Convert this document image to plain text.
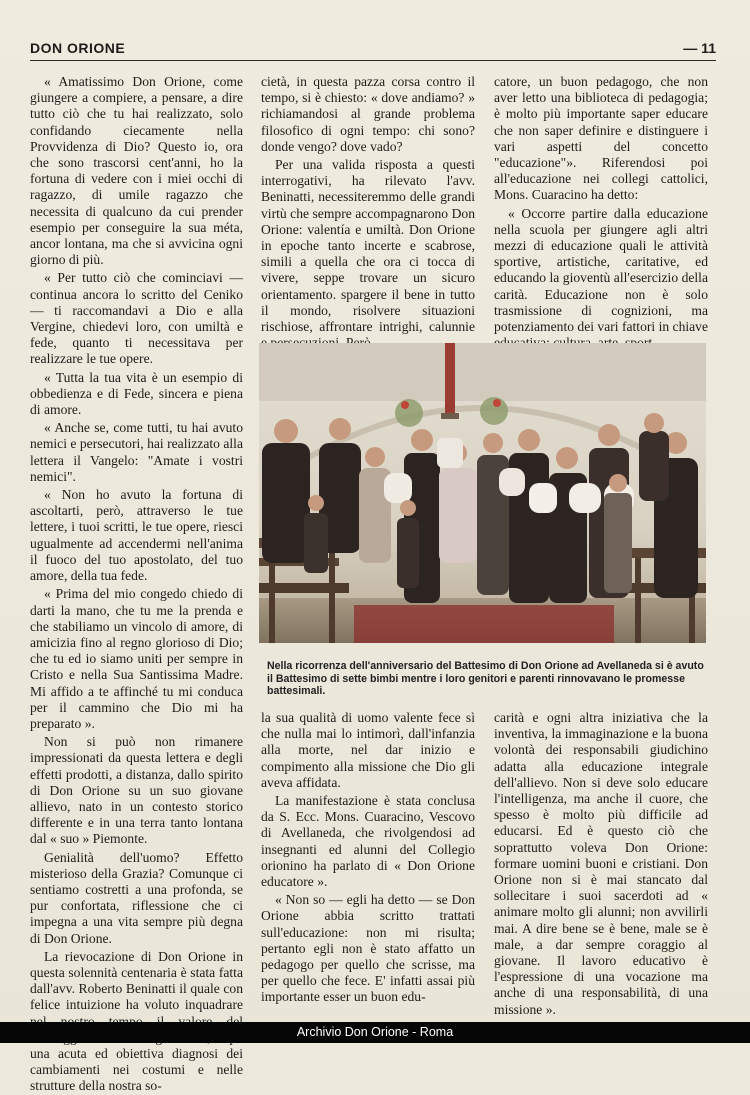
DON ORIONE	— 11

« Amatissimo Don Orione, come giungere a compiere, a pensare, a dire tutto ciò che tu hai realizzato, solo confidando ciecamente nella Provvidenza di Dio? Questo io, ora che sono trascorsi cent'anni, ho la fortuna di vedere con i miei occhi di ragazzo, di umile ragazzo che necessita di qualcuno da cui prender esempio per conseguire la sua méta, ancor lontana, ma che si avvicina ogni giorno di più.

« Per tutto ciò che cominciavi — continua ancora lo scritto del Ceniko — ti raccomandavi a Dio e alla Vergine, chiedevi loro, con umiltà e fede, quanto ti necessitava per realizzare le tue opere.

« Tutta la tua vita è un esempio di obbedienza e di Fede, sincera e piena di amore.

« Anche se, come tutti, tu hai avuto nemici e persecutori, hai realizzato alla lettera il Vangelo: "Amate i vostri nemici".

« Non ho avuto la fortuna di ascoltarti, però, attraverso le tue lettere, i tuoi scritti, le tue opere, riesci ugualmente ad accendermi nell'anima il fuoco del tuo apostolato, del tuo amore, della tua fede.

« Prima del mio congedo chiedo di darti la mano, che tu me la prenda e che stabiliamo un vincolo di amore, di amicizia fino al regno glorioso di Dio; che tu ed io siamo uniti per sempre in Cristo e nella Sua Santissima Madre. Mi affido a te affinché tu mi conduca per il cammino che Dio mi ha preparato ».

Non si può non rimanere impressionati da questa lettera e degli effetti prodotti, a distanza, dallo spirito di Don Orione su un suo giovane allievo, nato in un contesto storico differente e in una terra tanto lontana dal « suo » Piemonte.

Genialità dell'uomo? Effetto misterioso della Grazia? Comunque ci sentiamo costretti a una profonda, se pur confortata, riflessione che ci impegna a una vita sempre più degna di Don Orione.

La rievocazione di Don Orione in questa solennità centenaria è stata fatta dall'avv. Roberto Beninatti il quale con felice intuizione ha voluto inquadrare una acuta ed obiettiva diagnosi dei cambiamenti nei costumi e nelle strutture della nostra so-

cietà, in questa pazza corsa contro il tempo, si è chiesto: « dove andiamo? » richiamandosi al grande problema filosofico di ogni tempo: chi sono? donde vengo? dove vado?

Per una valida risposta a questi interrogativi, ha rilevato l'avv. Beninatti, necessiteremmo delle grandi virtù che sempre accompagnarono Don Orione: valentía e umiltà. Don Orione in epoche tanto incerte e scabrose, simili a quella che ora ci tocca di vivere, seppe trovare un sicuro orientamento. spargere il bene in tutto il mondo, risolvere situazioni rischiose, affrontare intrighi, calunnie

catore, un buon pedagogo, che non aver letto una biblioteca di pedagogia; è molto più importante saper educare che non saper definire e distinguere i vari aspetti del concetto "educazione"». Riferendosi poi all'educazione nei collegi cattolici, Mons. Cuaracino ha detto:

« Occorre partire dalla educazione nella scuola per giungere agli altri mezzi di educazione quali le attività sportive, artistiche, caritative, ed educando la gioventù all'esercizio della carità. Educazione non è solo trasmissione di cognizioni, ma potenziamento dei vari fattori in chiave

Nella ricorrenza dell'anniversario del Battesimo di Don Orione ad Avellaneda si è avuto il Battesimo di sette bimbi mentre i loro genitori e parenti rinnovavano le promesse battesimali.

la sua qualità di uomo valente fece sì che nulla mai lo intimorì, dall'infanzia alla morte, nel dar inizio e compimento alla missione che Dio gli aveva affidata.

La manifestazione è stata conclusa da S. Ecc. Mons. Cuaracino, Vescovo di Avellaneda, che rivolgendosi ad insegnanti ed alunni del Collegio orionino ha parlato di « Don Orione educatore ».

« Non so — egli ha detto — se Don Orione abbia scritto trattati sull'educazione: non mi risulta; pertanto egli non è stato affatto un pedagogo per quello che scrisse, ma per quello che fece. E' infatti assai più importante esser un buon edu-

carità e ogni altra iniziativa che la inventiva, la immaginazione e la buona volontà dei responsabili giudichino adatta alla educazione integrale dell'allievo. Non si deve solo educare l'intelligenza, ma anche il cuore, che spesso è molto più difficile ad educarsi. Ed è questo ciò che soprattutto voleva Don Orione: formare uomini buoni e cristiani. Don Orione non si è mai stancato dal sollecitare i suoi sacerdoti ad « animare molto gli alunni; non avvilirli mai. A dire bene se è bene, male se è male, a dar sempre coraggio al giovane. Il lavoro educativo è l'espressione di una vocazione ma anche di una responsabilità, di una missione ».

Archivio Don Orione - Roma
